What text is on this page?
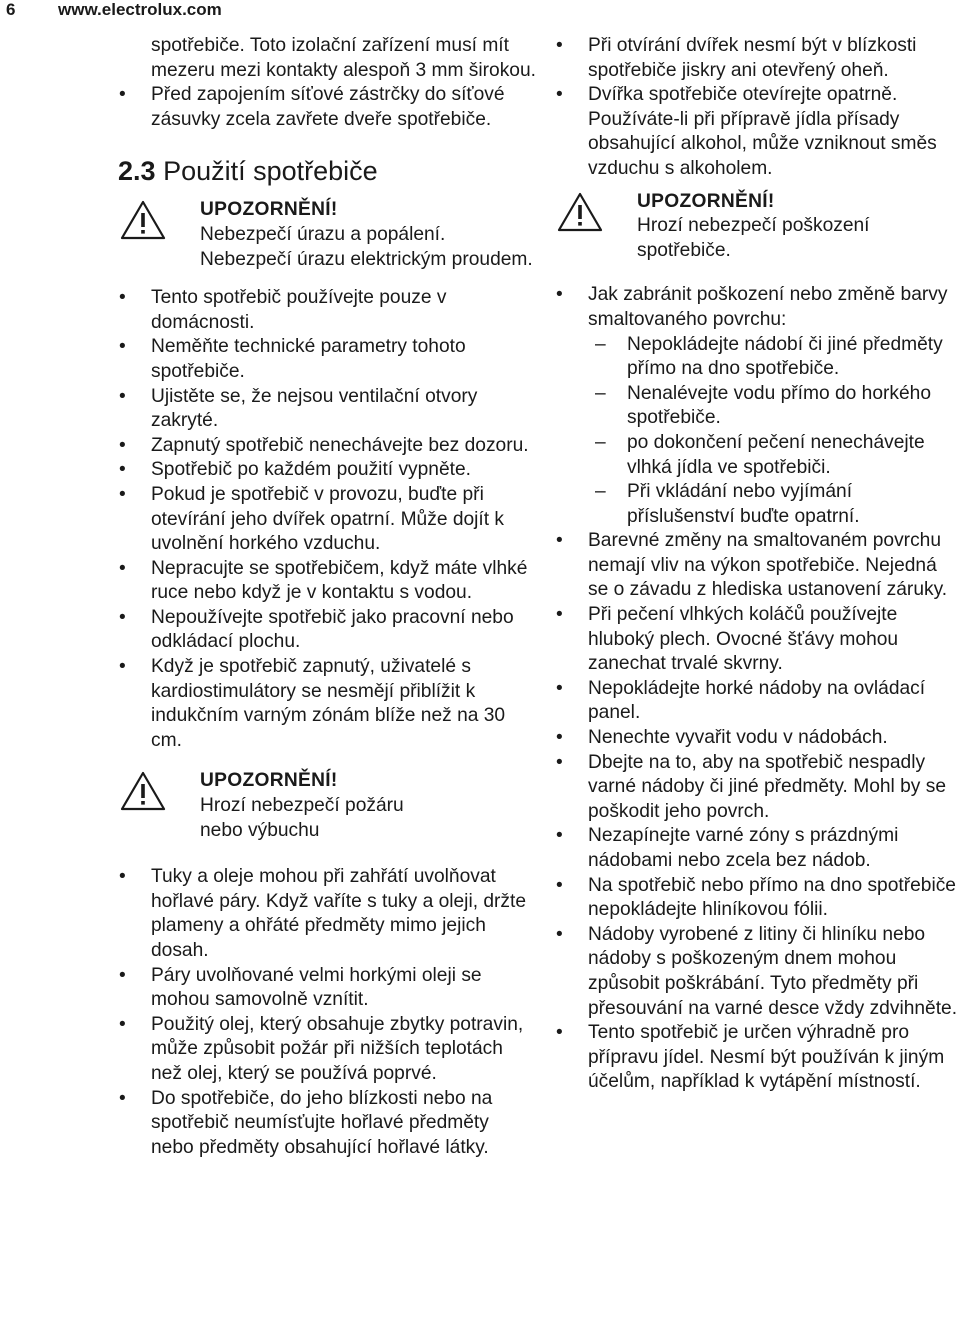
6	www.electrolux.com
spotřebiče. Toto izolační zařízení musí mít mezeru mezi kontakty alespoň 3 mm širokou.
• Před zapojením síťové zástrčky do síťové zásuvky zcela zavřete dveře spotřebiče.
2.3 Použití spotřebiče
UPOZORNĚNÍ!
Nebezpečí úrazu a popálení. Nebezpečí úrazu elektrickým proudem.
• Tento spotřebič používejte pouze v domácnosti.
• Neměňte technické parametry tohoto spotřebiče.
• Ujistěte se, že nejsou ventilační otvory zakryté.
• Zapnutý spotřebič nenechávejte bez dozoru.
• Spotřebič po každém použití vypněte.
• Pokud je spotřebič v provozu, buďte při otevírání jeho dvířek opatrní. Může dojít k uvolnění horkého vzduchu.
• Nepracujte se spotřebičem, když máte vlhké ruce nebo když je v kontaktu s vodou.
• Nepoužívejte spotřebič jako pracovní nebo odkládací plochu.
• Když je spotřebič zapnutý, uživatelé s kardiostimulátory se nesmějí přiblížit k indukčním varným zónám blíže než na 30 cm.
UPOZORNĚNÍ!
Hrozí nebezpečí požáru nebo výbuchu
• Tuky a oleje mohou při zahřátí uvolňovat hořlavé páry. Když vaříte s tuky a oleji, držte plameny a ohřáté předměty mimo jejich dosah.
• Páry uvolňované velmi horkými oleji se mohou samovolně vznítit.
• Použitý olej, který obsahuje zbytky potravin, může způsobit požár při nižších teplotách než olej, který se používá poprvé.
• Do spotřebiče, do jeho blízkosti nebo na spotřebič neumísťujte hořlavé předměty nebo předměty obsahující hořlavé látky.
• Při otvírání dvířek nesmí být v blízkosti spotřebiče jiskry ani otevřený oheň.
• Dvířka spotřebiče otevírejte opatrně. Používáte-li při přípravě jídla přísady obsahující alkohol, může vzniknout směs vzduchu s alkoholem.
UPOZORNĚNÍ!
Hrozí nebezpečí poškození spotřebiče.
• Jak zabránit poškození nebo změně barvy smaltovaného povrchu:
– Nepokládejte nádobí či jiné předměty přímo na dno spotřebiče.
– Nenalévejte vodu přímo do horkého spotřebiče.
– po dokončení pečení nenechávejte vlhká jídla ve spotřebiči.
– Při vkládání nebo vyjímání příslušenství buďte opatrní.
• Barevné změny na smaltovaném povrchu nemají vliv na výkon spotřebiče. Nejedná se o závadu z hlediska ustanovení záruky.
• Při pečení vlhkých koláčů používejte hluboký plech. Ovocné šťávy mohou zanechat trvalé skvrny.
• Nepokládejte horké nádoby na ovládací panel.
• Nenechte vyvařit vodu v nádobách.
• Dbejte na to, aby na spotřebič nespadly varné nádoby či jiné předměty. Mohl by se poškodit jeho povrch.
• Nezapínejte varné zóny s prázdnými nádobami nebo zcela bez nádob.
• Na spotřebič nebo přímo na dno spotřebiče nepokládejte hliníkovou fólii.
• Nádoby vyrobené z litiny či hliníku nebo nádoby s poškozeným dnem mohou způsobit poškrábání. Tyto předměty při přesouvání na varné desce vždy zdvihněte.
• Tento spotřebič je určen výhradně pro přípravu jídel. Nesmí být používán k jiným účelům, například k vytápění místností.
